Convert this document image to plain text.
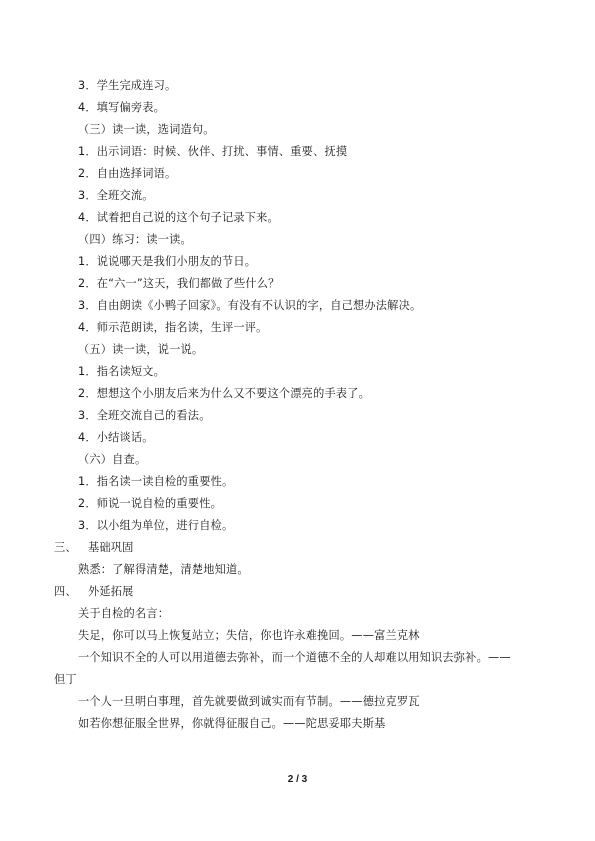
3．学生完成连习。
4．填写偏旁表。
（三）读一读，选词造句。
1．出示词语：时候、伙伴、打扰、事情、重要、抚摸
2．自由选择词语。
3．全班交流。
4．试着把自己说的这个句子记录下来。
（四）练习：读一读。
1．说说哪天是我们小朋友的节日。
2．在“六一”这天，我们都做了些什么？
3．自由朗读《小鸭子回家》。有没有不认识的字，自己想办法解决。
4．师示范朗读，指名读，生评一评。
（五）读一读，说一说。
1．指名读短文。
2．想想这个小朋友后来为什么又不要这个漂亮的手表了。
3．全班交流自己的看法。
4．小结谈话。
（六）自查。
1．指名读一读自检的重要性。
2．师说一说自检的重要性。
3．以小组为单位，进行自检。
三、 基础巩固
熟悉：了解得清楚，清楚地知道。
四、 外延拓展
关于自检的名言：
失足，你可以马上恢复站立；失信，你也许永难挽回。——富兰克林
一个知识不全的人可以用道德去弥补，而一个道德不全的人却难以用知识去弥补。——
但丁
一个人一旦明白事理，首先就要做到诚实而有节制。——德拉克罗瓦
如若你想征服全世界，你就得征服自己。——陀思妥耶夫斯基
2 / 3
